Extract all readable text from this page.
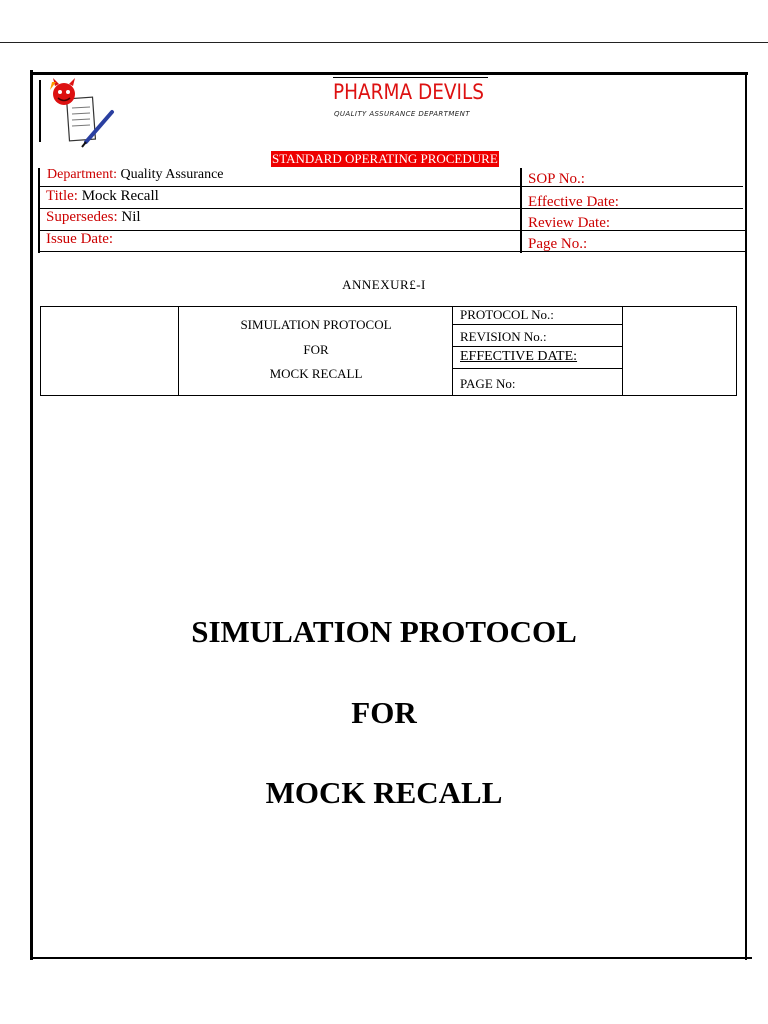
PHARMA DEVILS
QUALITY ASSURANCE DEPARTMENT
STANDARD OPERATING PROCEDURE
Department: Quality Assurance
Title: Mock Recall
Supersedes: Nil
Issue Date:
SOP No.:
Effective Date:
Review Date:
Page No.:
ANNEXUR£-I
SIMULATION PROTOCOL
FOR
MOCK RECALL
PROTOCOL No.:
REVISION No.:
EFFECTIVE DATE:
PAGE No:
SIMULATION PROTOCOL
FOR
MOCK RECALL
